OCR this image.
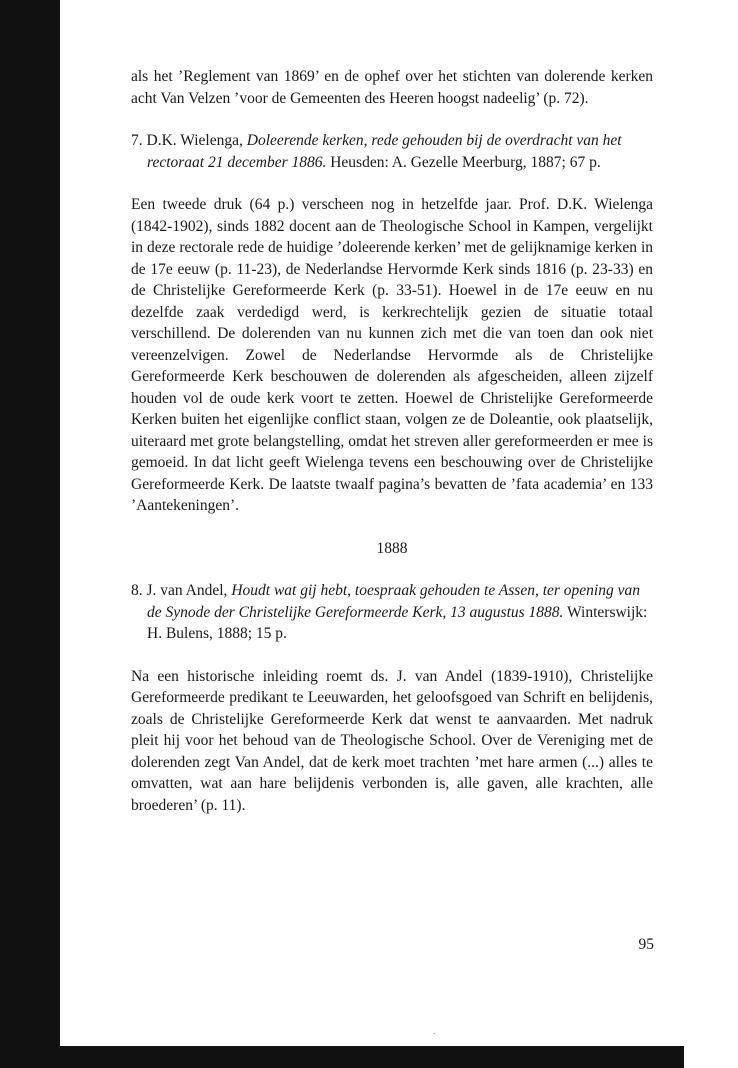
als het ’Reglement van 1869’ en de ophef over het stichten van dolerende kerken acht Van Velzen ’voor de Gemeenten des Heeren hoogst nadeelig’ (p. 72).

7. D.K. Wielenga, Doleerende kerken, rede gehouden bij de overdracht van het rectoraat 21 december 1886. Heusden: A. Gezelle Meerburg, 1887; 67 p.

Een tweede druk (64 p.) verscheen nog in hetzelfde jaar. Prof. D.K. Wielenga (1842-1902), sinds 1882 docent aan de Theologische School in Kampen, vergelijkt in deze rectorale rede de huidige ’doleerende kerken’ met de gelijknamige kerken in de 17e eeuw (p. 11-23), de Nederlandse Hervormde Kerk sinds 1816 (p. 23-33) en de Christelijke Gereformeerde Kerk (p. 33-51). Hoewel in de 17e eeuw en nu dezelfde zaak verdedigd werd, is kerkrechtelijk gezien de situatie totaal verschillend. De dolerenden van nu kunnen zich met die van toen dan ook niet vereenzelvigen. Zowel de Nederlandse Hervormde als de Christelijke Gereformeerde Kerk beschouwen de dolerenden als afgescheiden, alleen zijzelf houden vol de oude kerk voort te zetten. Hoewel de Christelijke Gereformeerde Kerken buiten het eigenlijke conflict staan, volgen ze de Doleantie, ook plaatselijk, uiteraard met grote belangstelling, omdat het streven aller gereformeerden er mee is gemoeid. In dat licht geeft Wielenga tevens een beschouwing over de Christelijke Gereformeerde Kerk. De laatste twaalf pagina’s bevatten de ’fata academia’ en 133 ’Aantekeningen’.

1888

8. J. van Andel, Houdt wat gij hebt, toespraak gehouden te Assen, ter opening van de Synode der Christelijke Gereformeerde Kerk, 13 augustus 1888. Winterswijk: H. Bulens, 1888; 15 p.

Na een historische inleiding roemt ds. J. van Andel (1839-1910), Christelijke Gereformeerde predikant te Leeuwarden, het geloofsgoed van Schrift en belijdenis, zoals de Christelijke Gereformeerde Kerk dat wenst te aanvaarden. Met nadruk pleit hij voor het behoud van de Theologische School. Over de Vereniging met de dolerenden zegt Van Andel, dat de kerk moet trachten ’met hare armen (...) alles te omvatten, wat aan hare belijdenis verbonden is, alle gaven, alle krachten, alle broederen’ (p. 11).

95
